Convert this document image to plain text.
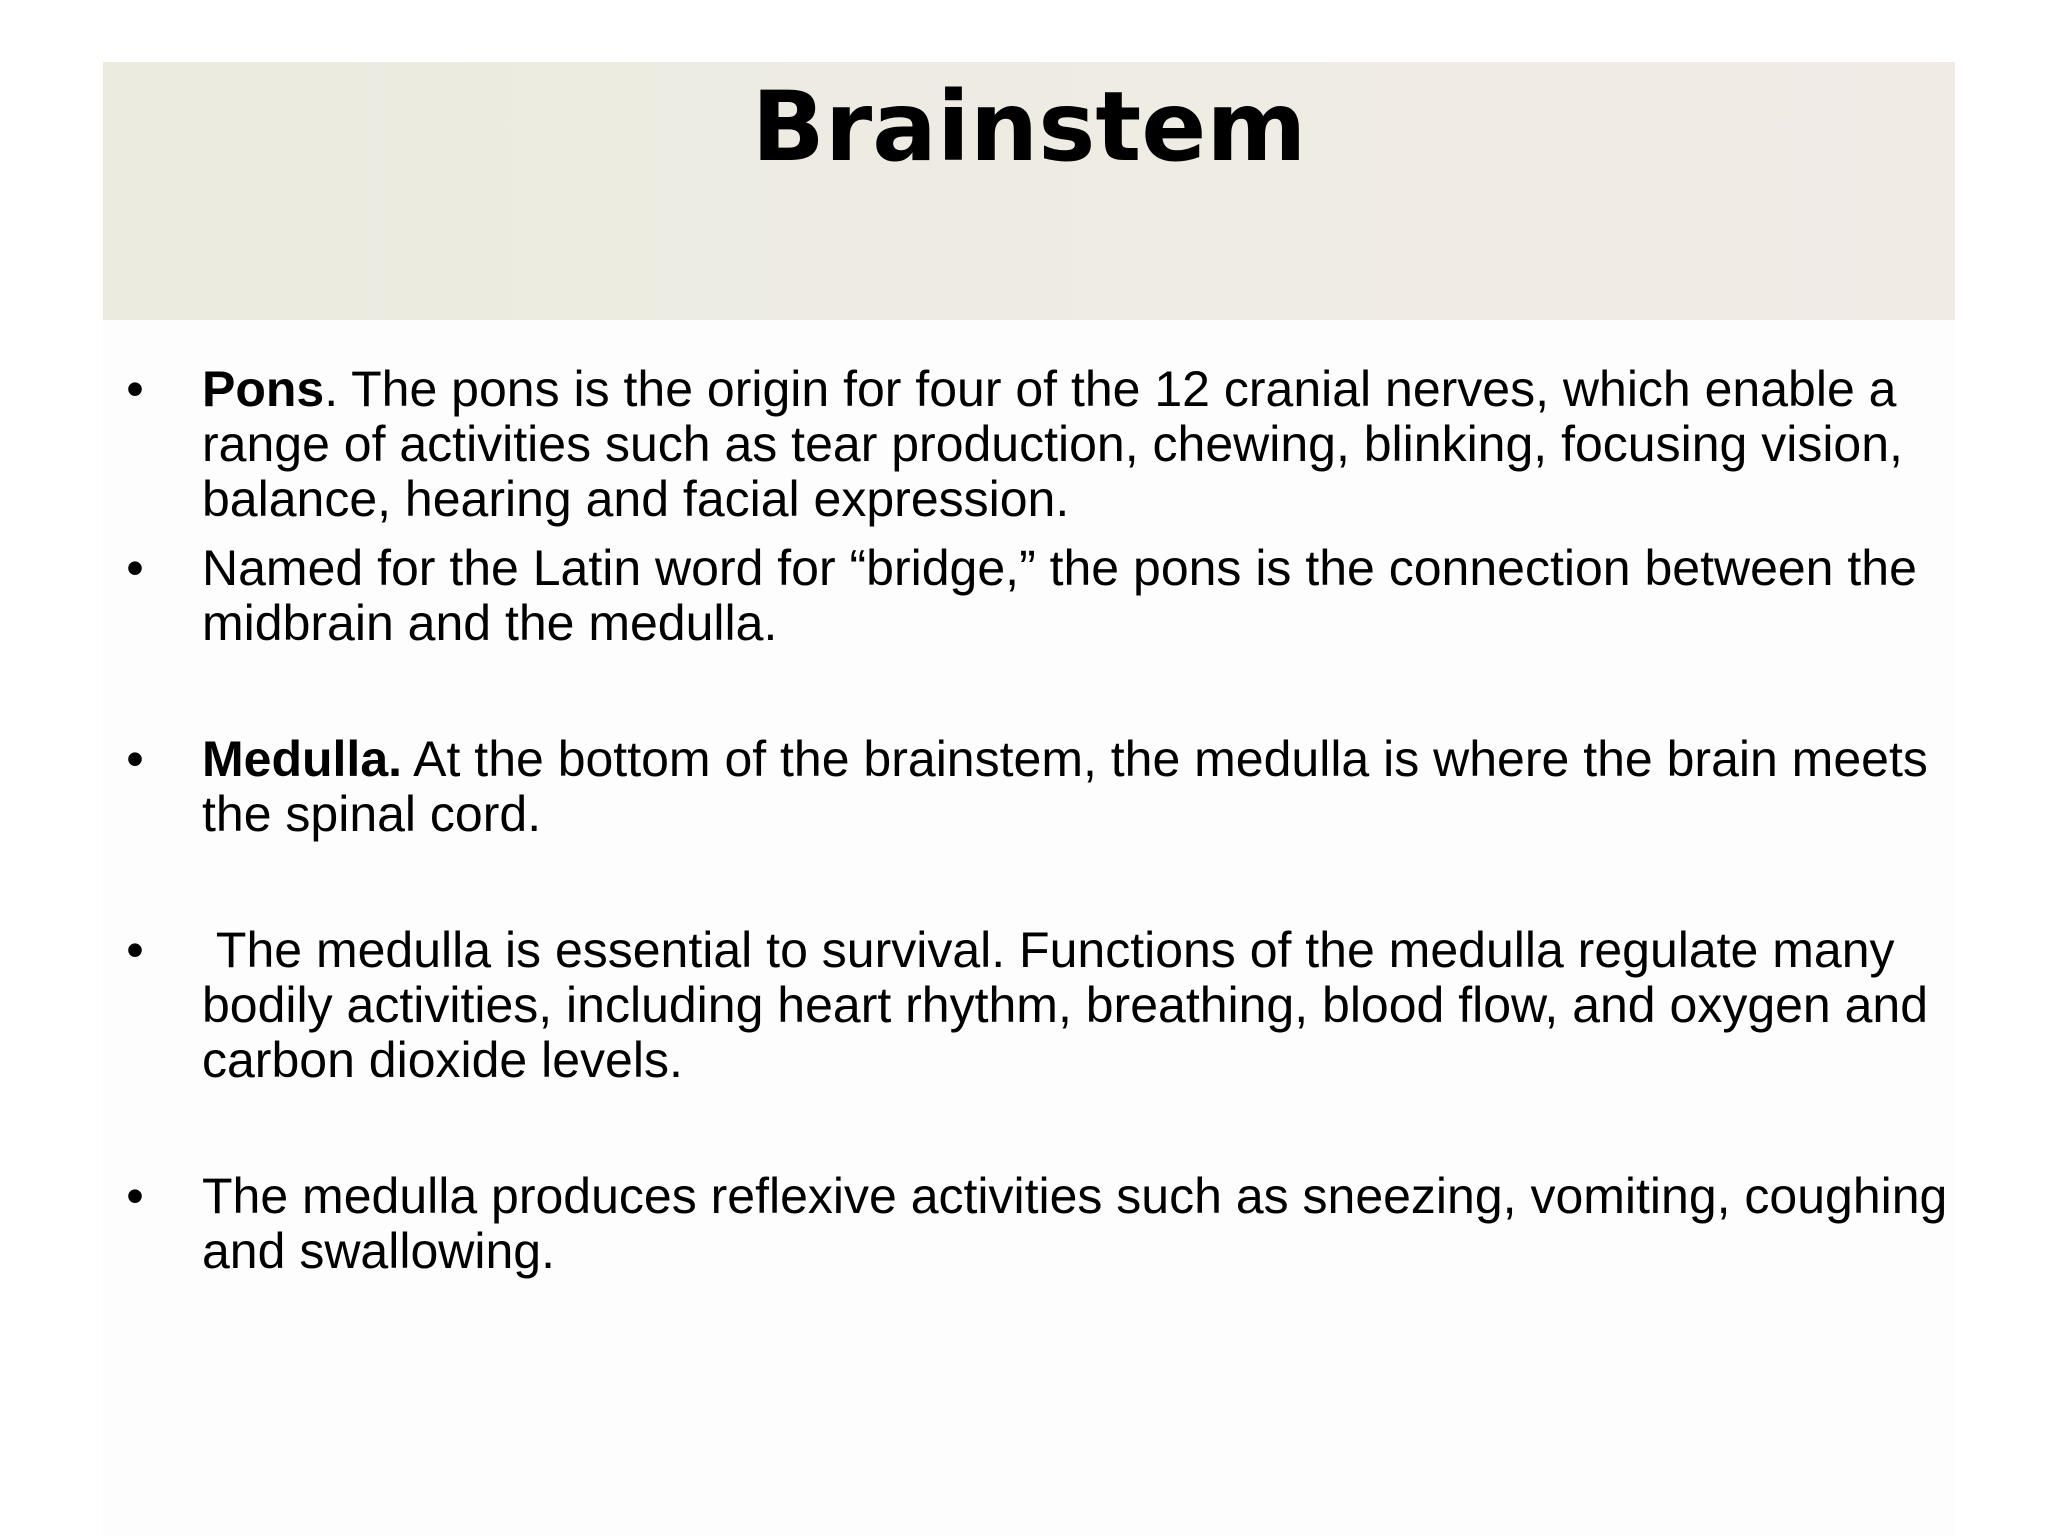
Brainstem
• Pons. The pons is the origin for four of the 12 cranial nerves, which enable a range of activities such as tear production, chewing, blinking, focusing vision, balance, hearing and facial expression.
• Named for the Latin word for “bridge,” the pons is the connection between the midbrain and the medulla.
• Medulla. At the bottom of the brainstem, the medulla is where the brain meets the spinal cord.
• The medulla is essential to survival. Functions of the medulla regulate many bodily activities, including heart rhythm, breathing, blood flow, and oxygen and carbon dioxide levels.
• The medulla produces reflexive activities such as sneezing, vomiting, coughing and swallowing.
